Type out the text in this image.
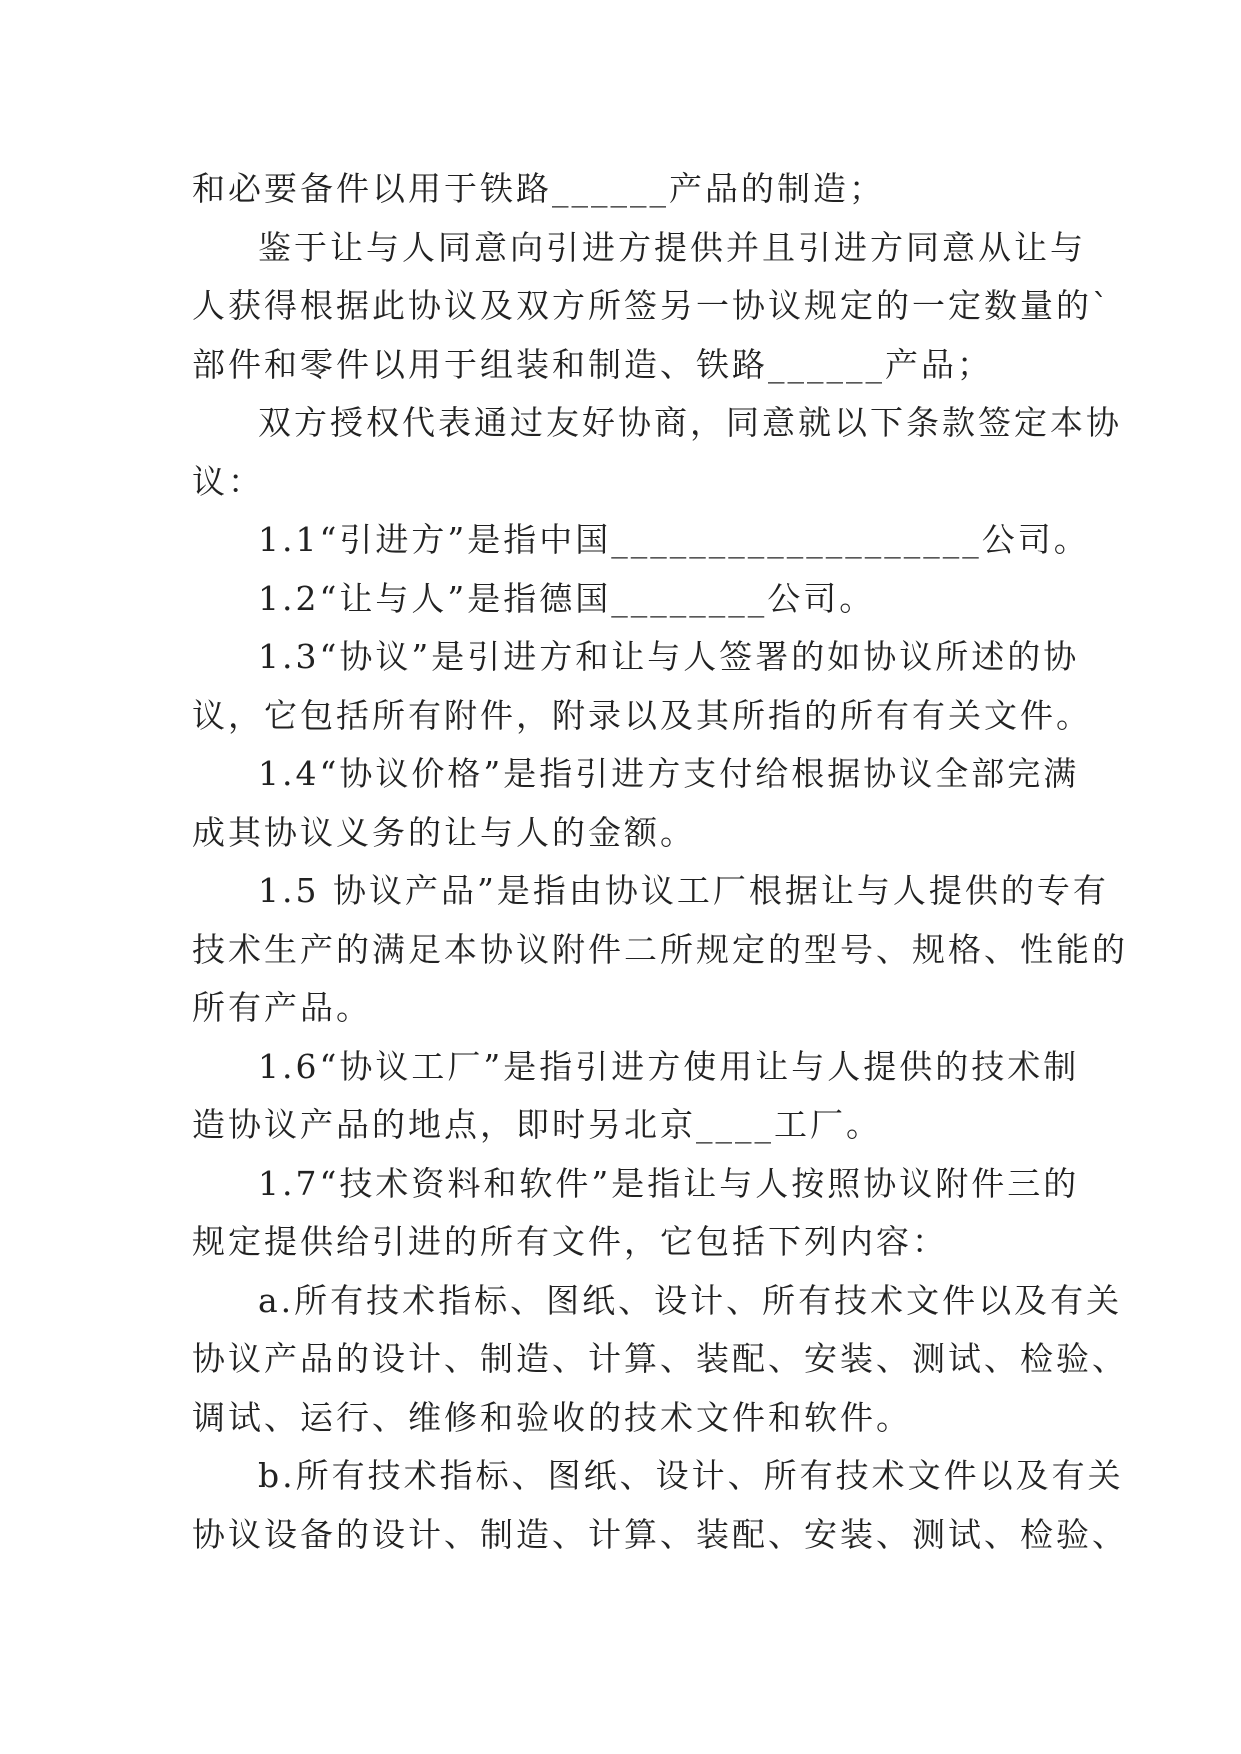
和必要备件以用于铁路______产品的制造；
鉴于让与人同意向引进方提供并且引进方同意从让与
人获得根据此协议及双方所签另一协议规定的一定数量的`
部件和零件以用于组装和制造、铁路______产品；
双方授权代表通过友好协商，同意就以下条款签定本协
议：
1.1“引进方”是指中国___________________公司。
1.2“让与人”是指德国________公司。
1.3“协议”是引进方和让与人签署的如协议所述的协
议，它包括所有附件，附录以及其所指的所有有关文件。
1.4“协议价格”是指引进方支付给根据协议全部完满
成其协议义务的让与人的金额。
1.5 协议产品”是指由协议工厂根据让与人提供的专有
技术生产的满足本协议附件二所规定的型号、规格、性能的
所有产品。
1.6“协议工厂”是指引进方使用让与人提供的技术制
造协议产品的地点，即时另北京____工厂。
1.7“技术资料和软件”是指让与人按照协议附件三的
规定提供给引进的所有文件，它包括下列内容：
a.所有技术指标、图纸、设计、所有技术文件以及有关
协议产品的设计、制造、计算、装配、安装、测试、检验、
调试、运行、维修和验收的技术文件和软件。
b.所有技术指标、图纸、设计、所有技术文件以及有关
协议设备的设计、制造、计算、装配、安装、测试、检验、
